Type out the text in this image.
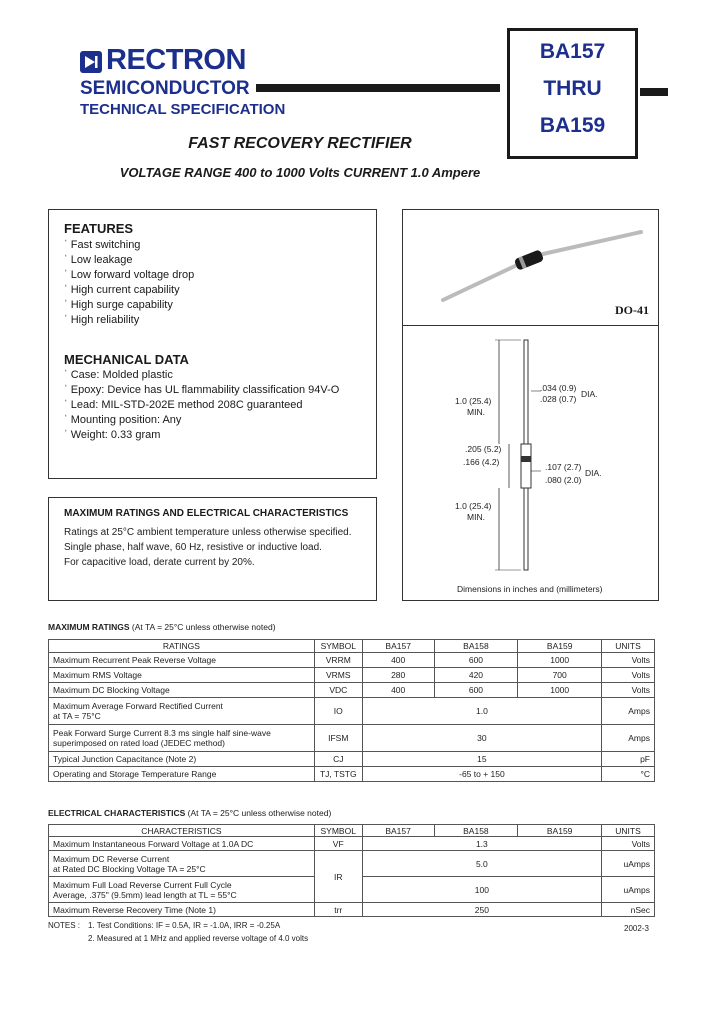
RECTRON
SEMICONDUCTOR
TECHNICAL SPECIFICATION
BA157
THRU
BA159
FAST RECOVERY RECTIFIER
VOLTAGE RANGE 400 to 1000 Volts CURRENT 1.0 Ampere
FEATURES
ˈ Fast switching
ˈ Low leakage
ˈ Low forward voltage drop
ˈ High current capability
ˈ High surge capability
ˈ High reliability
MECHANICAL DATA
ˈ Case: Molded plastic
ˈ Epoxy: Device has UL flammability classification 94V-O
ˈ Lead: MIL-STD-202E method 208C guaranteed
ˈ Mounting position: Any
ˈ Weight: 0.33 gram
DO-41
.034 (0.9)
.028 (0.7) DIA.
1.0 (25.4)
MIN.
.205 (5.2)
.166 (4.2)	.107 (2.7)
.080 (2.0)
DIA.
1.0 (25.4)
MIN.
Dimensions in inches and (millimeters)
MAXIMUM RATINGS AND ELECTRICAL CHARACTERISTICS
Ratings at 25°C ambient temperature unless otherwise specified.
Single phase, half wave, 60 Hz, resistive or inductive load.
For capacitive load, derate current by 20%.
MAXIMUM RATINGS (At TA = 25°C unless otherwise noted)
RATINGS	SYMBOL	BA157	BA158	BA159	UNITS
Maximum Recurrent Peak Reverse Voltage	VRRM	400	600	1000	Volts
Maximum RMS Voltage	VRMS	280	420	700	Volts
Maximum DC Blocking Voltage	VDC	400	600	1000	Volts

Maximum Average Forward Rectified Current
at TA = 75°C	IO	1.0			Amps

Peak Forward Surge Current 8.3 ms single half sine-wave
superimposed on rated load (JEDEC method)	IFSM	30			Amps
Typical Junction Capacitance (Note 2)	CJ	15			pF
Operating and Storage Temperature Range	TJ, TSTG	-65 to + 150			°C
ELECTRICAL CHARACTERISTICS (At TA = 25°C unless otherwise noted)
CHARACTERISTICS	SYMBOL	BA157	BA158	BA159	UNITS
Maximum Instantaneous Forward Voltage at 1.0A DC	VF	1.3			Volts

Maximum DC Reverse Current
at Rated DC Blocking Voltage TA = 25°C	IR	5.0			uAmps

Maximum Full Load Reverse Current Full Cycle
Average, .375" (9.5mm) lead length at TL = 55°C		100			uAmps
Maximum Reverse Recovery Time (Note 1)	trr	250			nSec
NOTES : 1. Test Conditions: IF = 0.5A, IR = -1.0A, IRR = -0.25A
2. Measured at 1 MHz and applied reverse voltage of 4.0 volts
2002-3
